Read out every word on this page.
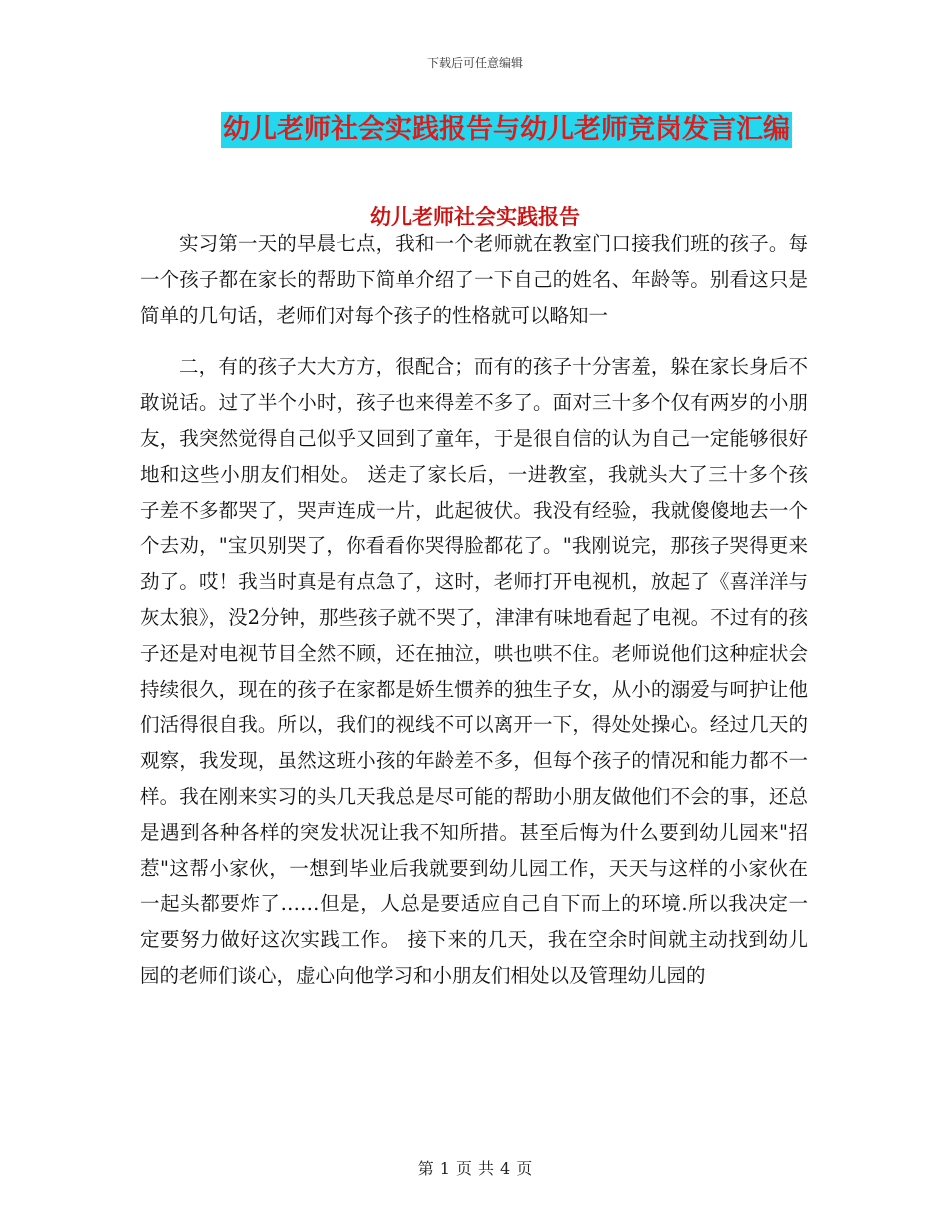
下载后可任意编辑
幼儿老师社会实践报告与幼儿老师竞岗发言汇编
幼儿老师社会实践报告

实习第一天的早晨七点，我和一个老师就在教室门口接我们班的孩子。每一个孩子都在家长的帮助下简单介绍了一下自己的姓名、年龄等。别看这只是简单的几句话，老师们对每个孩子的性格就可以略知一

二，有的孩子大大方方，很配合；而有的孩子十分害羞，躲在家长身后不敢说话。过了半个小时，孩子也来得差不多了。面对三十多个仅有两岁的小朋友，我突然觉得自己似乎又回到了童年，于是很自信的认为自己一定能够很好地和这些小朋友们相处。 送走了家长后，一进教室，我就头大了三十多个孩子差不多都哭了，哭声连成一片，此起彼伏。我没有经验，我就傻傻地去一个个去劝，"宝贝别哭了，你看看你哭得脸都花了。"我刚说完，那孩子哭得更来劲了。哎！我当时真是有点急了，这时，老师打开电视机，放起了《喜洋洋与灰太狼》，没2分钟，那些孩子就不哭了，津津有味地看起了电视。不过有的孩子还是对电视节目全然不顾，还在抽泣，哄也哄不住。老师说他们这种症状会持续很久，现在的孩子在家都是娇生惯养的独生子女，从小的溺爱与呵护让他们活得很自我。所以，我们的视线不可以离开一下，得处处操心。经过几天的观察，我发现，虽然这班小孩的年龄差不多，但每个孩子的情况和能力都不一样。我在刚来实习的头几天我总是尽可能的帮助小朋友做他们不会的事，还总是遇到各种各样的突发状况让我不知所措。甚至后悔为什么要到幼儿园来"招惹"这帮小家伙，一想到毕业后我就要到幼儿园工作，天天与这样的小家伙在一起头都要炸了……但是，人总是要适应自己自下而上的环境.所以我决定一定要努力做好这次实践工作。 接下来的几天，我在空余时间就主动找到幼儿园的老师们谈心，虚心向他学习和小朋友们相处以及管理幼儿园的

第 1 页 共 4 页
